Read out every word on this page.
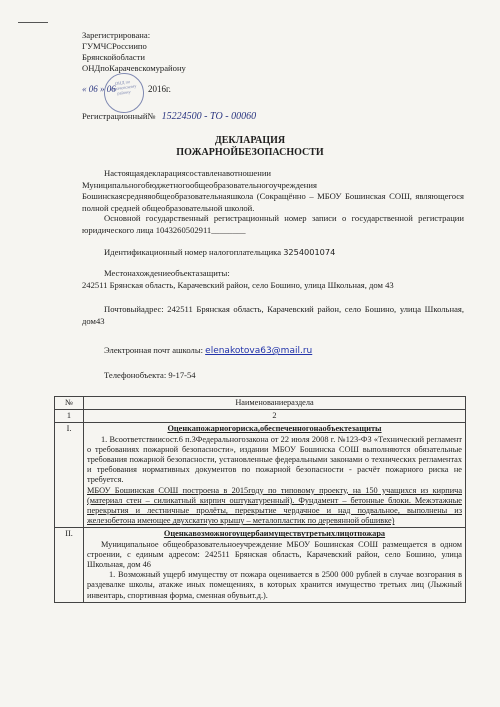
Зарегистрирована:
ГУМЧСРоссиипо
Брянскойобласти
ОНДпоКарачевскомурайону
ОНД по Карачевскому району
« 06 » 06	2016г.
Регистрационный№ 15224500 - ТО - 00060
ДЕКЛАРАЦИЯ
ПОЖАРНОЙБЕЗОПАСНОСТИ
Настоящаядекларациясоставленавотношении Муниципальногобюджетногообщеобразовательногоучреждения Бошинскаясредняяобщеобразовательнаяшкола (Сокращённо – МБОУ Бошинская СОШ, являющегося полной средней общеобразовательной школой.
Основной государственный регистрационный номер записи о государственной регистрации юридического лица 1043260502911________
Идентификационный номер налогоплательщика 3254001074
Местонахождениеобъектазащиты:
242511 Брянская область, Карачевский район, село Бошино, улица Школьная, дом 43
Почтовыйадрес: 242511 Брянская область, Карачевский район, село Бошино, улица Школьная, дом43
Электронная почт ашколы: elenakotova63@mail.ru
Телефонобъекта: 9-17-54
№	Наименованиераздела
1	2
I.	Оценкапожарногориска,обеспеченногонаобъектезащиты
1. Всоответствиисост.6 п.3Федеральногозакона от 22 июля 2008 г. №123-ФЗ «Технический регламент о требованиях пожарной безопасности», издании МБОУ Бошинска СОШ выполняются обязательные требования пожарной безопасности, установленные федеральными законами о технических регламентах и требования нормативных документов по пожарной безопасности - расчёт пожарного риска не требуется.
МБОУ Бошинская СОШ построена в 2015году по типовому проекту, на 150 учащихся из кирпича (материал стен – силикатный кирпич оштукатуренный). Фундамент – бетонные блоки. Межэтажные перекрытия и лестничные пролёты, перекрытие чердачное и над подвальное, выполнены из железобетона имеющее двухскатную крышу – металопластик по деревянной обшивке)

II.	Оценкавозможногоущербаимуществутретьихлицотпожара
Муниципальное общеобразовательноеучреждение МБОУ Бошинская СОШ размещается в одном строении, с единым адресом: 242511 Брянская область, Карачевский район, село Бошино, улица Школьная, дом 46
1. Возможный ущерб имуществу от пожара оценивается в 2500 000 рублей в случае возгорания в раздевалке школы, атакже иных помещениях, в которых хранится имущество третьих лиц (Лыжный инвентарь, спортивная форма, сменная обувьит.д.).
